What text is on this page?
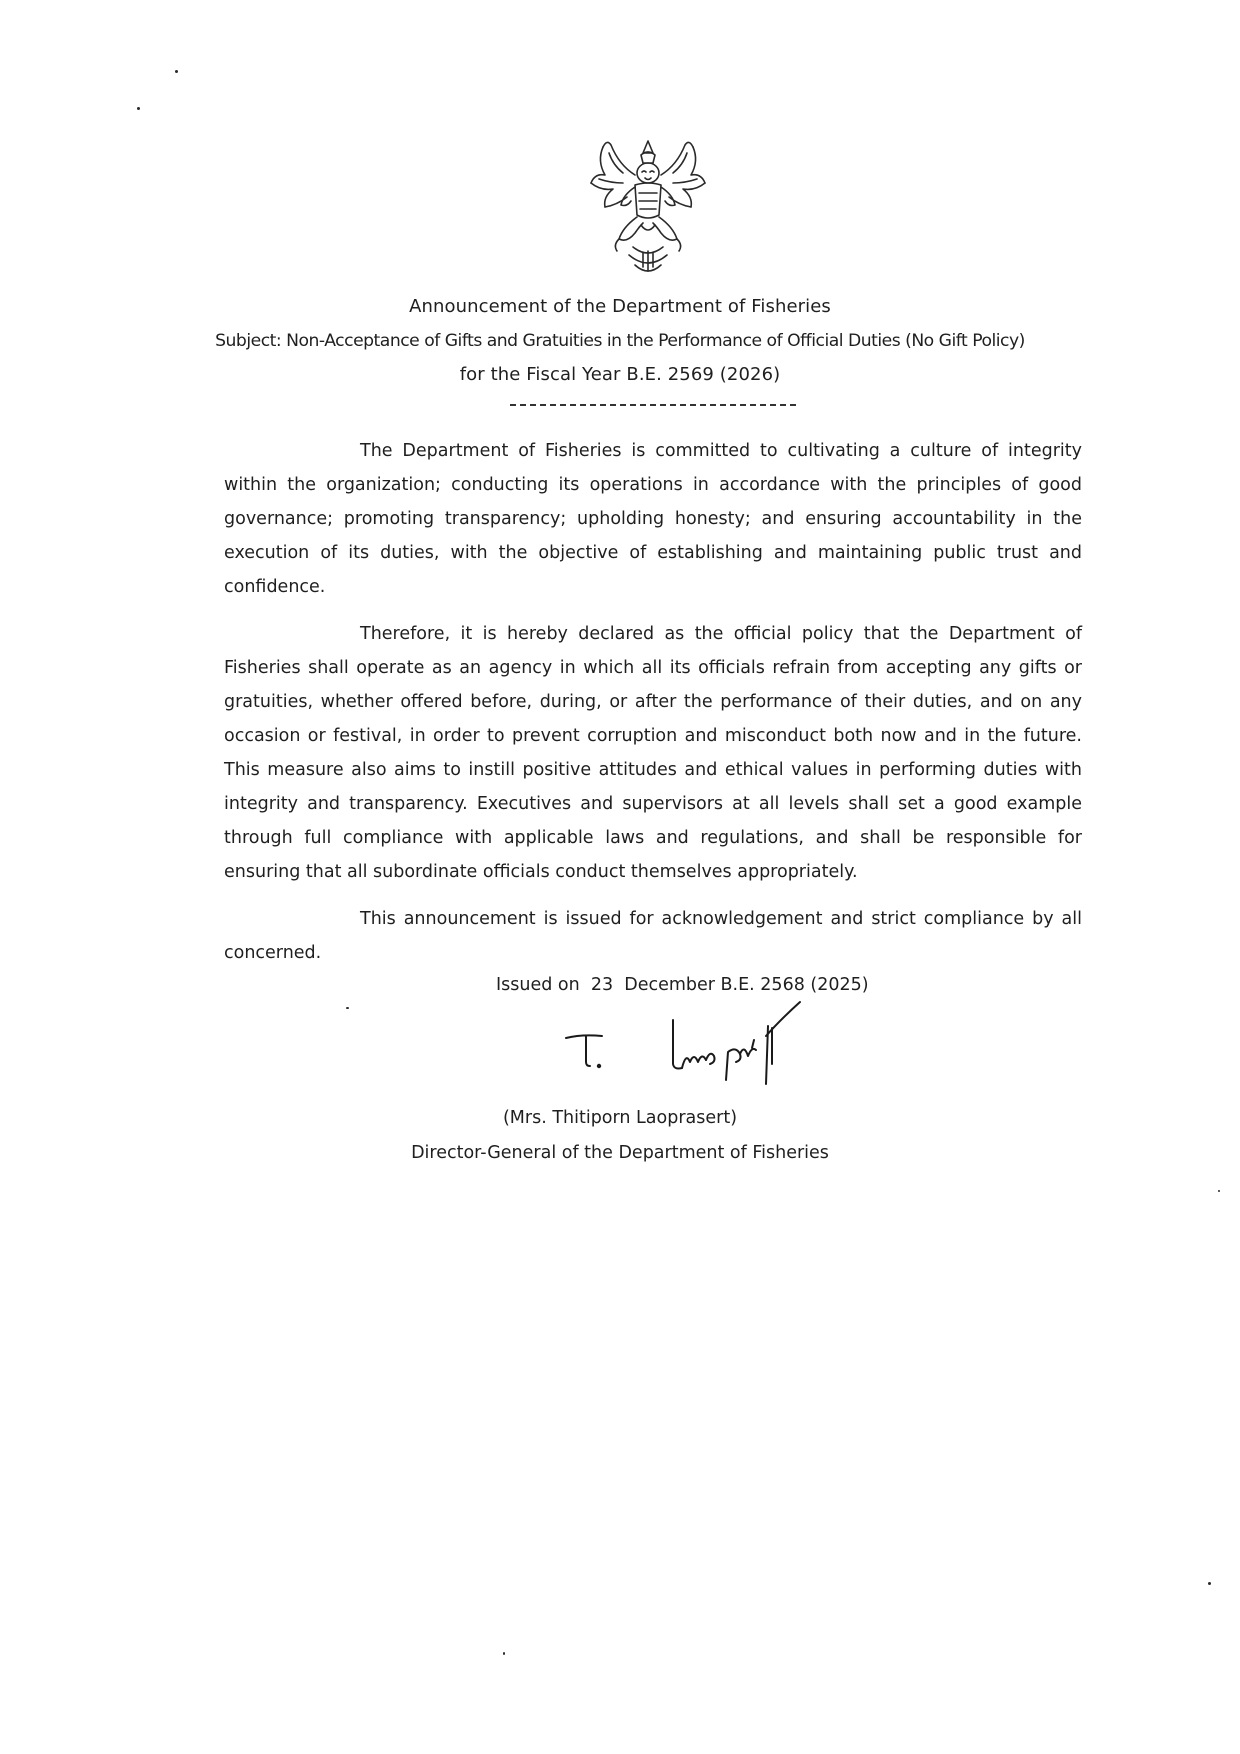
Announcement of the Department of Fisheries
Subject: Non-Acceptance of Gifts and Gratuities in the Performance of Official Duties (No Gift Policy)
for the Fiscal Year B.E. 2569 (2026)

The Department of Fisheries is committed to cultivating a culture of integrity within the organization; conducting its operations in accordance with the principles of good governance; promoting transparency; upholding honesty; and ensuring accountability in the execution of its duties, with the objective of establishing and maintaining public trust and confidence.

Therefore, it is hereby declared as the official policy that the Department of Fisheries shall operate as an agency in which all its officials refrain from accepting any gifts or gratuities, whether offered before, during, or after the performance of their duties, and on any occasion or festival, in order to prevent corruption and misconduct both now and in the future. This measure also aims to instill positive attitudes and ethical values in performing duties with integrity and transparency. Executives and supervisors at all levels shall set a good example through full compliance with applicable laws and regulations, and shall be responsible for ensuring that all subordinate officials conduct themselves appropriately.

This announcement is issued for acknowledgement and strict compliance by all concerned.

Issued on  23  December B.E. 2568 (2025)
(Mrs. Thitiporn Laoprasert)
Director-General of the Department of Fisheries
